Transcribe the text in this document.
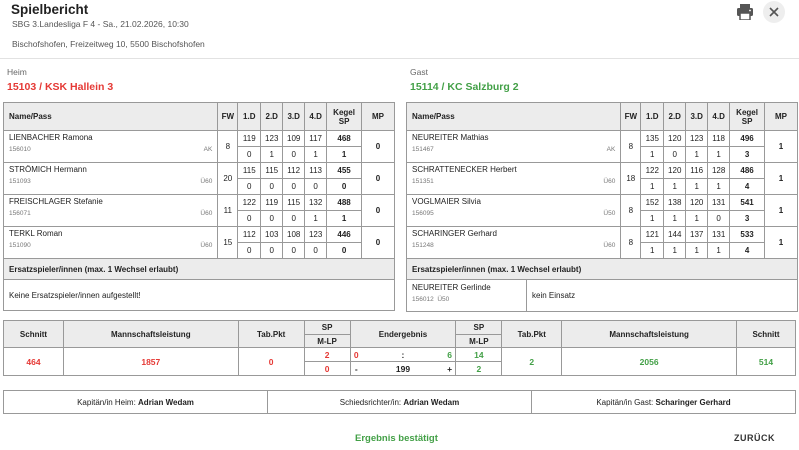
Spielbericht
SBG 3.Landesliga F 4 - Sa., 21.02.2026, 10:30
Bischofshofen, Freizeitweg 10, 5500 Bischofshofen
Heim
15103 / KSK Hallein 3
Gast
15114 / KC Salzburg 2
Name/Pass	FW	1.D	2.D	3.D	4.D	Kegel
SP	MP

LIENBACHER Ramona
156010 AK	8	119	123	109	117	468	0
		0	1	0	1	1	

STRÖMICH Hermann
151093 Ü60	20	115	115	112	113	455	0
		0	0	0	0	0	

FREISCHLAGER Stefanie
156071 Ü60	11	122	119	115	132	488	0
		0	0	0	1	1	

TERKL Roman
151090 Ü60	15	112	103	108	123	446	0
		0	0	0	0	0	
Ersatzspieler/innen (max. 1 Wechsel erlaubt)							
Keine Ersatzspieler/innen aufgestellt!							
Name/Pass	FW	1.D	2.D	3.D	4.D	Kegel
SP	MP

NEUREITER Mathias
151467 AK	8	135	120	123	118	496	1
		1	0	1	1	3	

SCHRATTENECKER Herbert
151351 Ü60	18	122	120	116	128	486	1
		1	1	1	1	4	

VOGLMAIER Silvia
156095 Ü50	8	152	138	120	131	541	1
		1	1	1	0	3	

SCHARINGER Gerhard
151248 Ü60	8	121	144	137	131	533	1
		1	1	1	1	4	
Ersatzspieler/innen (max. 1 Wechsel erlaubt)							

NEUREITER Gerlinde
156012 Ü50 kein Einsatz							
Schnitt	Mannschaftsleistung	Tab.Pkt	SP	Endergebnis			SP	Tab.Pkt	Mannschaftsleistung	Schnitt
			M-LP				M-LP			
464	1857	0	2	0	:	6	14	2	2056	514
			0	-	199	+	2			
Kapitän/in Heim:
Adrian Wedam	Schiedsrichter/in:
Adrian Wedam	Kapitän/in Gast:
Scharinger Gerhard
Ergebnis bestätigt	ZURÜCK
